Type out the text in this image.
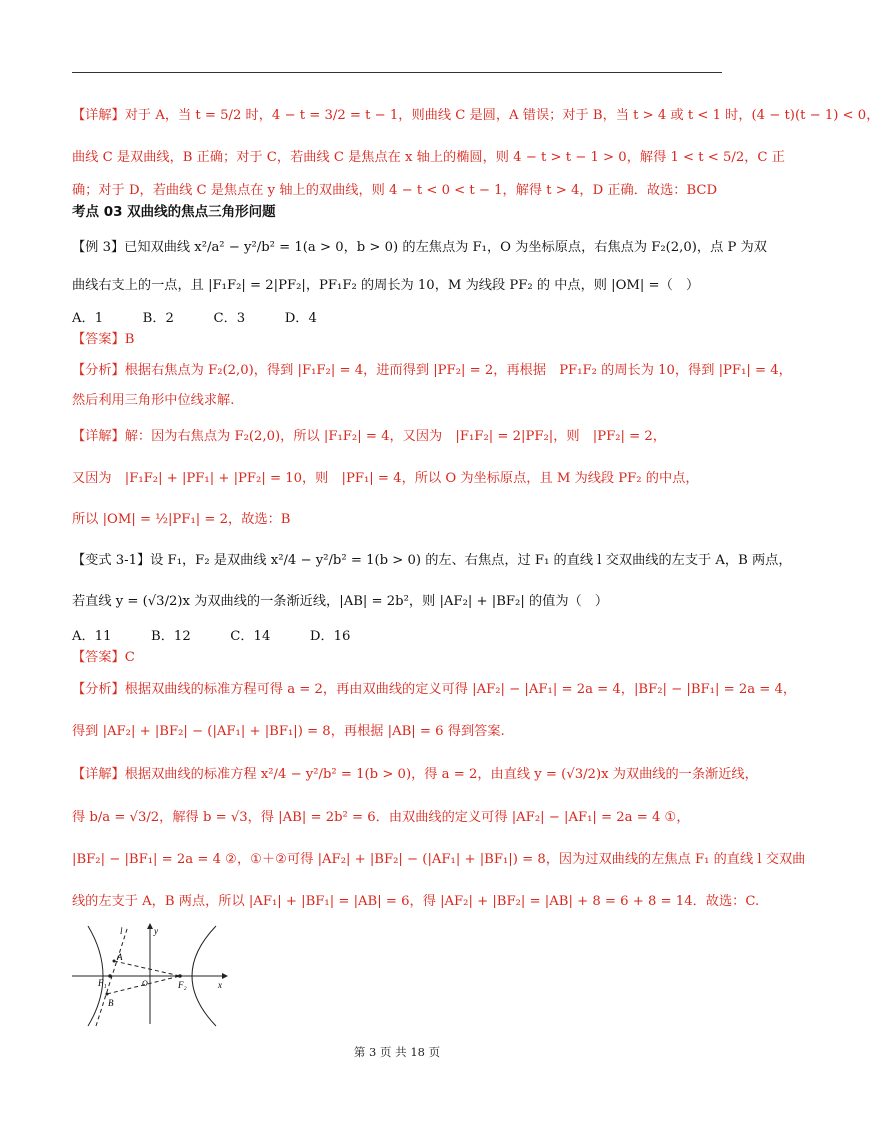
【详解】对于 A，当 t = 5/2 时，4 − t = 3/2 = t − 1，则曲线 C 是圆，A 错误；对于 B，当 t > 4 或 t < 1 时，(4 − t)(t − 1) < 0，
曲线 C 是双曲线，B 正确；对于 C，若曲线 C 是焦点在 x 轴上的椭圆，则 4 − t > t − 1 > 0，解得 1 < t < 5/2，C 正
确；对于 D，若曲线 C 是焦点在 y 轴上的双曲线，则 4 − t < 0 < t − 1，解得 t > 4，D 正确．故选：BCD
考点 03 双曲线的焦点三角形问题
【例 3】已知双曲线 x²/a² − y²/b² = 1(a > 0，b > 0) 的左焦点为 F₁，O 为坐标原点，右焦点为 F₂(2,0)，点 P 为双
曲线右支上的一点，且 |F₁F₂| = 2|PF₂|，PF₁F₂ 的周长为 10，M 为线段 PF₂ 的 中点，则 |OM| =（　）
A．1　　　B．2　　　C．3　　　D．4
【答案】B
【分析】根据右焦点为 F₂(2,0)，得到 |F₁F₂| = 4，进而得到 |PF₂| = 2，再根据　PF₁F₂ 的周长为 10，得到 |PF₁| = 4，
然后利用三角形中位线求解.
【详解】解：因为右焦点为 F₂(2,0)，所以 |F₁F₂| = 4，又因为　|F₁F₂| = 2|PF₂|，则　|PF₂| = 2，
又因为　|F₁F₂| + |PF₁| + |PF₂| = 10，则　|PF₁| = 4，所以 O 为坐标原点，且 M 为线段 PF₂ 的中点，
所以 |OM| = ½|PF₁| = 2，故选：B
【变式 3-1】设 F₁，F₂ 是双曲线 x²/4 − y²/b² = 1(b > 0) 的左、右焦点，过 F₁ 的直线 l 交双曲线的左支于 A，B 两点，
若直线 y = (√3/2)x 为双曲线的一条渐近线，|AB| = 2b²，则 |AF₂| + |BF₂| 的值为（　）
A．11　　　B．12　　　C．14　　　D．16
【答案】C
【分析】根据双曲线的标准方程可得 a = 2，再由双曲线的定义可得 |AF₂| − |AF₁| = 2a = 4，|BF₂| − |BF₁| = 2a = 4，
得到 |AF₂| + |BF₂| − (|AF₁| + |BF₁|) = 8，再根据 |AB| = 6 得到答案.
【详解】根据双曲线的标准方程 x²/4 − y²/b² = 1(b > 0)，得 a = 2，由直线 y = (√3/2)x 为双曲线的一条渐近线，
得 b/a = √3/2，解得 b = √3，得 |AB| = 2b² = 6．由双曲线的定义可得 |AF₂| − |AF₁| = 2a = 4 ①，
|BF₂| − |BF₁| = 2a = 4 ②，①＋②可得 |AF₂| + |BF₂| − (|AF₁| + |BF₁|) = 8，因为过双曲线的左焦点 F₁ 的直线 l 交双曲
线的左支于 A，B 两点，所以 |AF₁| + |BF₁| = |AB| = 6，得 |AF₂| + |BF₂| = |AB| + 8 = 6 + 8 = 14．故选：C.
y
x
l
A
B
F₁	F₂
O
第 3 页 共 18 页
